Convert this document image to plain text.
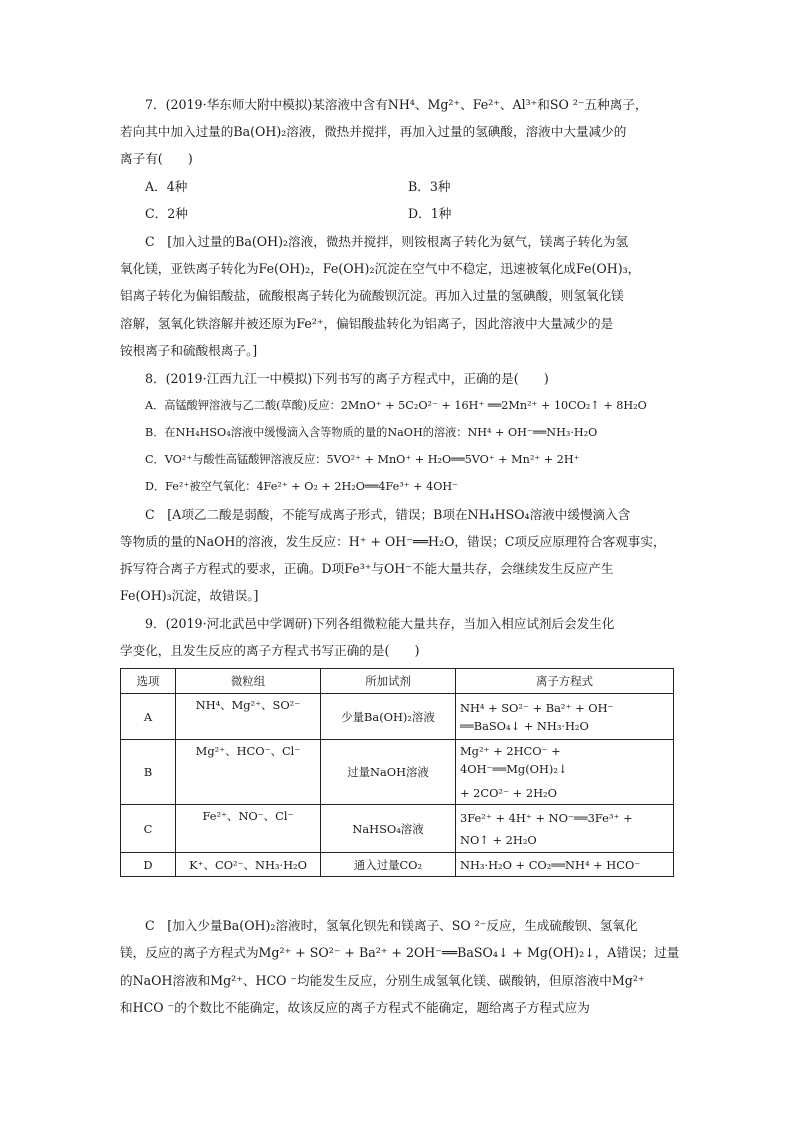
7．(2019·华东师大附中模拟)某溶液中含有NH⁴、Mg²⁺、Fe²⁺、Al³⁺和SO ²⁻五种离子，
若向其中加入过量的Ba(OH)₂溶液，微热并搅拌，再加入过量的氢碘酸，溶液中大量减少的
离子有(　　)
A．4种	B．3种
C．2种	D．1种
C　[加入过量的Ba(OH)₂溶液，微热并搅拌，则铵根离子转化为氨气，镁离子转化为氢
氧化镁，亚铁离子转化为Fe(OH)₂，Fe(OH)₂沉淀在空气中不稳定，迅速被氧化成Fe(OH)₃，
铝离子转化为偏铝酸盐，硫酸根离子转化为硫酸钡沉淀。再加入过量的氢碘酸，则氢氧化镁
溶解，氢氧化铁溶解并被还原为Fe²⁺，偏铝酸盐转化为铝离子，因此溶液中大量减少的是
铵根离子和硫酸根离子。]
8．(2019·江西九江一中模拟)下列书写的离子方程式中，正确的是(　　)
A．高锰酸钾溶液与乙二酸(草酸)反应：2MnO⁺ + 5C₂O²⁻ + 16H⁺ ══2Mn²⁺ + 10CO₂↑ + 8H₂O
B．在NH₄HSO₄溶液中缓慢滴入含等物质的量的NaOH的溶液：NH⁴ + OH⁻══NH₃·H₂O
C．VO²⁺与酸性高锰酸钾溶液反应：5VO²⁺ + MnO⁺ + H₂O══5VO⁺ + Mn²⁺ + 2H⁺
D．Fe²⁺被空气氧化：4Fe²⁺ + O₂ + 2H₂O══4Fe³⁺ + 4OH⁻
C　[A项乙二酸是弱酸，不能写成离子形式，错误；B项在NH₄HSO₄溶液中缓慢滴入含
等物质的量的NaOH的溶液，发生反应：H⁺ + OH⁻══H₂O，错误；C项反应原理符合客观事实，
拆写符合离子方程式的要求，正确。D项Fe³⁺与OH⁻不能大量共存，会继续发生反应产生
Fe(OH)₃沉淀，故错误。]
9．(2019·河北武邑中学调研)下列各组微粒能大量共存，当加入相应试剂后会发生化
学变化，且发生反应的离子方程式书写正确的是(　　)
选项	微粒组	所加试剂	离子方程式
A	NH⁴、Mg²⁺、SO²⁻	少量Ba(OH)₂溶液	NH⁴ + SO²⁻ + Ba²⁺ + OH⁻
══BaSO₄↓ + NH₃·H₂O

B	Mg²⁺、HCO⁻、Cl⁻	过量NaOH溶液	Mg²⁺ + 2HCO⁻ + 4OH⁻══Mg(OH)₂↓
+ 2CO²⁻ + 2H₂O

C	Fe²⁺、NO⁻、Cl⁻	NaHSO₄溶液	3Fe²⁺ + 4H⁺ + NO⁻══3Fe³⁺ +
NO↑ + 2H₂O

D	K⁺、CO²⁻、NH₃·H₂O	通入过量CO₂	NH₃·H₂O + CO₂══NH⁴ + HCO⁻
C　[加入少量Ba(OH)₂溶液时，氢氧化钡先和镁离子、SO ²⁻反应，生成硫酸钡、氢氧化
镁，反应的离子方程式为Mg²⁺ + SO²⁻ + Ba²⁺ + 2OH⁻══BaSO₄↓ + Mg(OH)₂↓，A错误；过量
的NaOH溶液和Mg²⁺、HCO ⁻均能发生反应，分别生成氢氧化镁、碳酸钠，但原溶液中Mg²⁺
和HCO ⁻的个数比不能确定，故该反应的离子方程式不能确定，题给离子方程式应为
